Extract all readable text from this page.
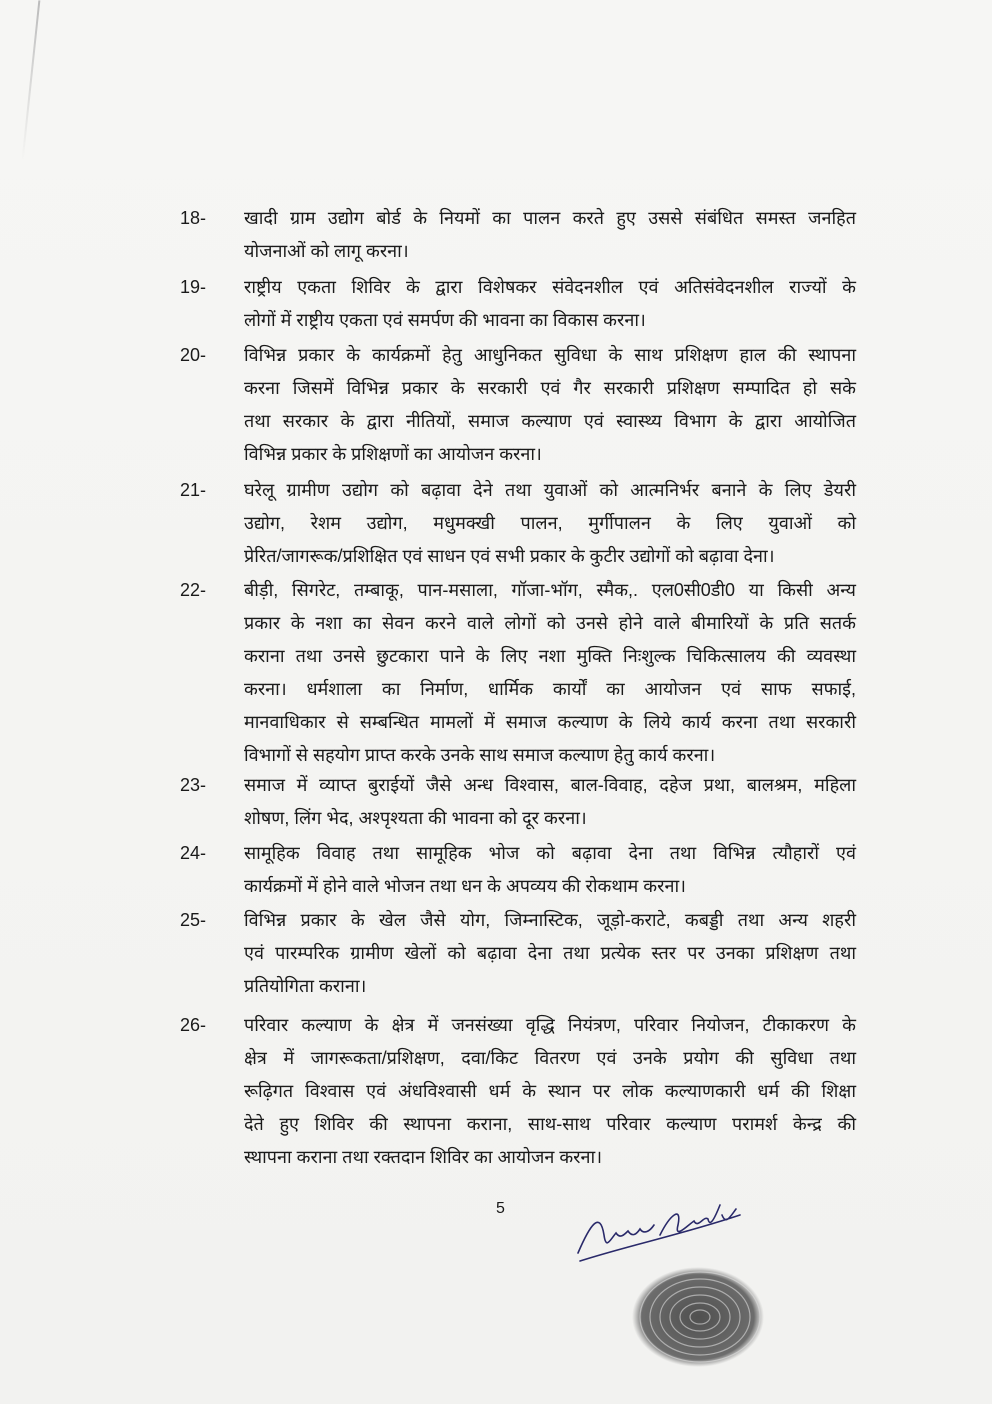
18-	खादी ग्राम उद्योग बोर्ड के नियमों का पालन करते हुए उससे संबंधित समस्त जनहित
योजनाओं को लागू करना।
19-	राष्ट्रीय एकता शिविर के द्वारा विशेषकर संवेदनशील एवं अतिसंवेदनशील राज्यों के
लोगों में राष्ट्रीय एकता एवं समर्पण की भावना का विकास करना।
20-	विभिन्न प्रकार के कार्यक्रमों हेतु आधुनिकत सुविधा के साथ प्रशिक्षण हाल की स्थापना
करना जिसमें विभिन्न प्रकार के सरकारी एवं गैर सरकारी प्रशिक्षण सम्पादित हो सके
तथा सरकार के द्वारा नीतियों, समाज कल्याण एवं स्वास्थ्य विभाग के द्वारा आयोजित
विभिन्न प्रकार के प्रशिक्षणों का आयोजन करना।
21-	घरेलू ग्रामीण उद्योग को बढ़ावा देने तथा युवाओं को आत्मनिर्भर बनाने के लिए डेयरी
उद्योग, रेशम उद्योग, मधुमक्खी पालन, मुर्गीपालन के लिए युवाओं को
प्रेरित/जागरूक/प्रशिक्षित एवं साधन एवं सभी प्रकार के कुटीर उद्योगों को बढ़ावा देना।
22-	बीड़ी, सिगरेट, तम्बाकू, पान-मसाला, गॉजा-भॉग, स्मैक,. एल0सी0डी0 या किसी अन्य
प्रकार के नशा का सेवन करने वाले लोगों को उनसे होने वाले बीमारियों के प्रति सतर्क
कराना तथा उनसे छुटकारा पाने के लिए नशा मुक्ति निःशुल्क चिकित्सालय की व्यवस्था
करना। धर्मशाला का निर्माण, धार्मिक कार्यों का आयोजन एवं साफ सफाई,
मानवाधिकार से सम्बन्धित मामलों में समाज कल्याण के लिये कार्य करना तथा सरकारी
विभागों से सहयोग प्राप्त करके उनके साथ समाज कल्याण हेतु कार्य करना।
23-	समाज में व्याप्त बुराईयों जैसे अन्ध विश्वास, बाल-विवाह, दहेज प्रथा, बालश्रम, महिला
शोषण, लिंग भेद, अश्पृश्यता की भावना को दूर करना।
24-	सामूहिक विवाह तथा सामूहिक भोज को बढ़ावा देना तथा विभिन्न त्यौहारों एवं
कार्यक्रमों में होने वाले भोजन तथा धन के अपव्यय की रोकथाम करना।
25-	विभिन्न प्रकार के खेल जैसे योग, जिम्नास्टिक, जूड़ो-कराटे, कबड्डी तथा अन्य शहरी
एवं पारम्परिक ग्रामीण खेलों को बढ़ावा देना तथा प्रत्येक स्तर पर उनका प्रशिक्षण तथा
प्रतियोगिता कराना।
26-	परिवार कल्याण के क्षेत्र में जनसंख्या वृद्धि नियंत्रण, परिवार नियोजन, टीकाकरण के
क्षेत्र में जागरूकता/प्रशिक्षण, दवा/किट वितरण एवं उनके प्रयोग की सुविधा तथा
रूढ़िगत विश्वास एवं अंधविश्वासी धर्म के स्थान पर लोक कल्याणकारी धर्म की शिक्षा
देते हुए शिविर की स्थापना कराना, साथ-साथ परिवार कल्याण परामर्श केन्द्र की
स्थापना कराना तथा रक्तदान शिविर का आयोजन करना।
5
